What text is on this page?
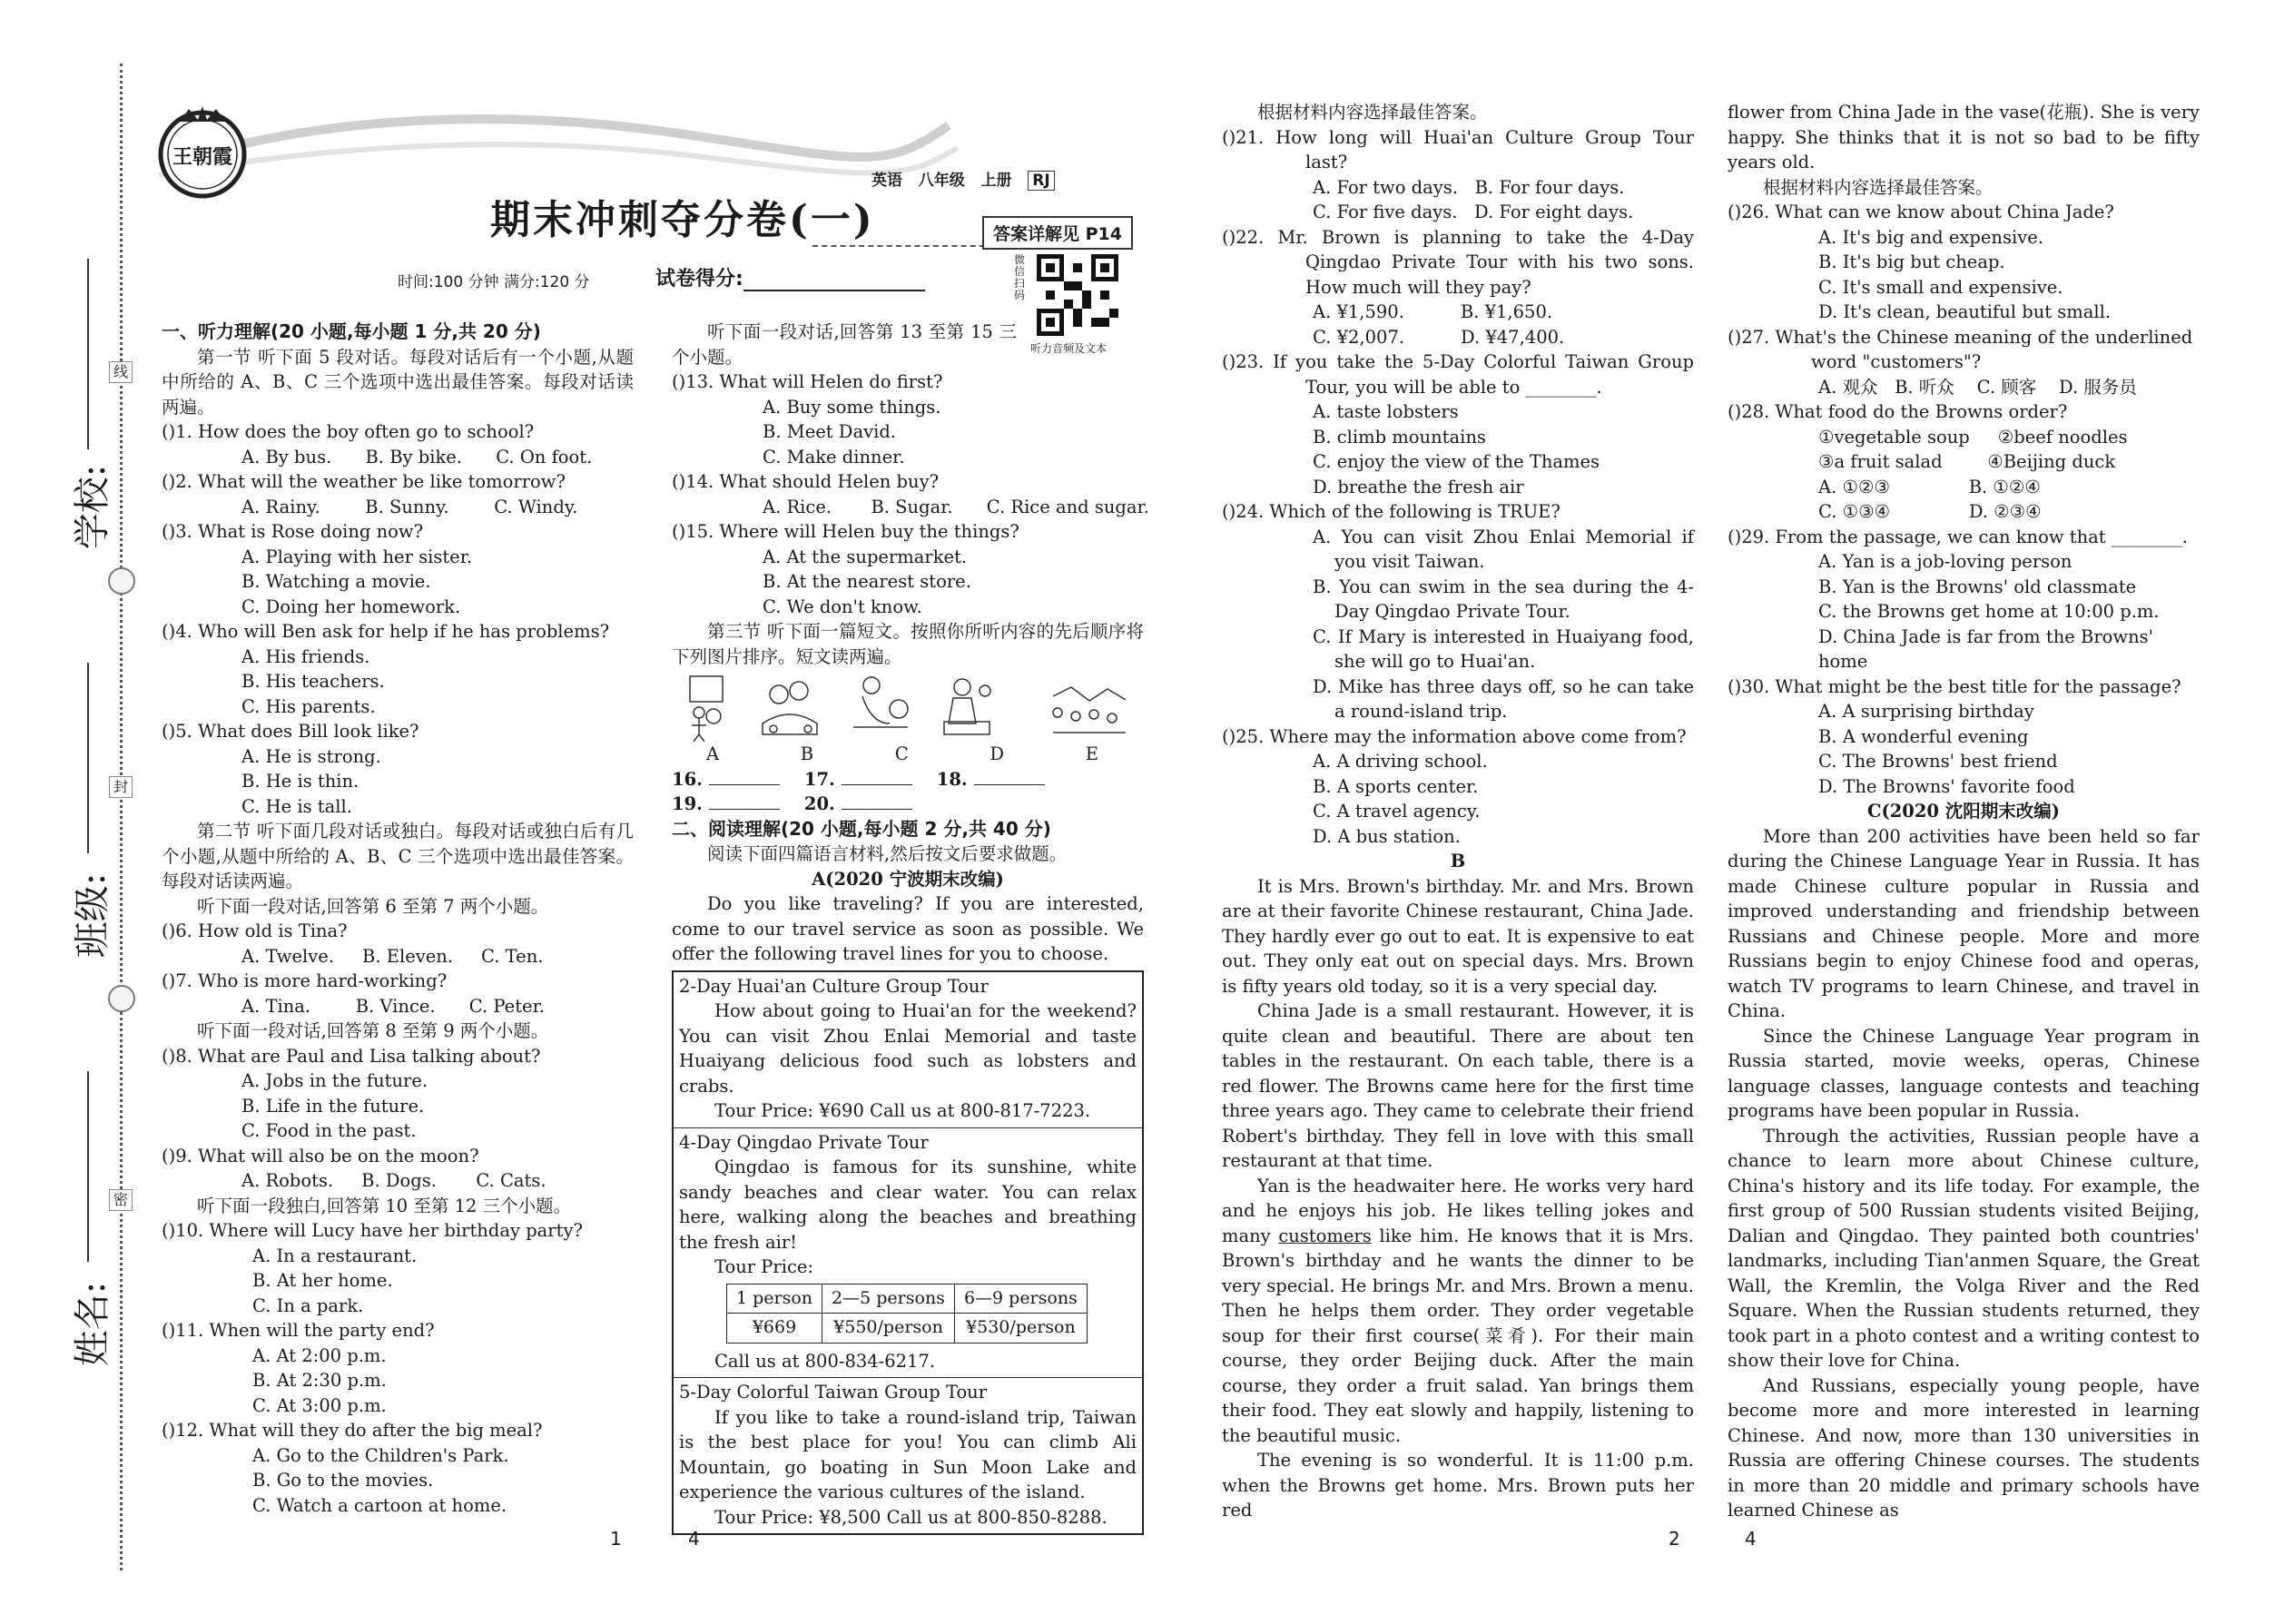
线
封
密
学校:
班级:
姓名:
王朝霞
英语 八年级 上册 RJ
期末冲刺夺分卷(一)	答案详解见 P14
时间:100 分钟 满分:120 分	试卷得分:
微信扫码
听力音频及文本

一、听力理解(20 小题,每小题 1 分,共 20 分)

第一节 听下面 5 段对话。每段对话后有一个小题,从题中所给的 A、B、C 三个选项中选出最佳答案。每段对话读两遍。

()1. How does the boy often go to school?

A. By bus.      B. By bike.      C. On foot.

()2. What will the weather be like tomorrow?

A. Rainy.        B. Sunny.        C. Windy.

()3. What is Rose doing now?

A. Playing with her sister.

B. Watching a movie.

C. Doing her homework.

()4. Who will Ben ask for help if he has problems?

A. His friends.

B. His teachers.

C. His parents.

()5. What does Bill look like?

A. He is strong.

B. He is thin.

C. He is tall.

第二节 听下面几段对话或独白。每段对话或独白后有几个小题,从题中所给的 A、B、C 三个选项中选出最佳答案。每段对话读两遍。

听下面一段对话,回答第 6 至第 7 两个小题。

()6. How old is Tina?

A. Twelve.     B. Eleven.     C. Ten.

()7. Who is more hard-working?

A. Tina.        B. Vince.      C. Peter.

听下面一段对话,回答第 8 至第 9 两个小题。

()8. What are Paul and Lisa talking about?

A. Jobs in the future.

B. Life in the future.

C. Food in the past.

()9. What will also be on the moon?

A. Robots.     B. Dogs.       C. Cats.

听下面一段独白,回答第 10 至第 12 三个小题。

()10. Where will Lucy have her birthday party?

A. In a restaurant.

B. At her home.

C. In a park.

()11. When will the party end?

A. At 2:00 p.m.

B. At 2:30 p.m.

C. At 3:00 p.m.

()12. What will they do after the big meal?

A. Go to the Children's Park.

B. Go to the movies.

C. Watch a cartoon at home.

听下面一段对话,回答第 13 至第 15 三个小题。

()13. What will Helen do first?

A. Buy some things.

B. Meet David.

C. Make dinner.

()14. What should Helen buy?

A. Rice.       B. Sugar.      C. Rice and sugar.

()15. Where will Helen buy the things?

A. At the supermarket.

B. At the nearest store.

C. We don't know.

第三节 听下面一篇短文。按照你所听内容的先后顺序将下列图片排序。短文读两遍。

A	B	C	D	E

16.	17.	18.

19.	20.

二、阅读理解(20 小题,每小题 2 分,共 40 分)

阅读下面四篇语言材料,然后按文后要求做题。

A(2020 宁波期末改编)

Do you like traveling? If you are interested, come to our travel service as soon as possible. We offer the following travel lines for you to choose.

2-Day Huai'an Culture Group Tour

How about going to Huai'an for the weekend? You can visit Zhou Enlai Memorial and taste Huaiyang delicious food such as lobsters and crabs.

Tour Price: ¥690 Call us at 800-817-7223.

4-Day Qingdao Private Tour

Qingdao is famous for its sunshine, white sandy beaches and clear water. You can relax here, walking along the beaches and breathing the fresh air!

Tour Price:

1 person	2—5 persons	6—9 persons
¥669	¥550/person	¥530/person

Call us at 800-834-6217.

5-Day Colorful Taiwan Group Tour

If you like to take a round-island trip, Taiwan is the best place for you! You can climb Ali Mountain, go boating in Sun Moon Lake and experience the various cultures of the island.

Tour Price: ¥8,500 Call us at 800-850-8288.

1	4

根据材料内容选择最佳答案。

()21. How long will Huai'an Culture Group Tour last?

A. For two days.   B. For four days.

C. For five days.   D. For eight days.

()22. Mr. Brown is planning to take the 4-Day Qingdao Private Tour with his two sons. How much will they pay?

A. ¥1,590.          B. ¥1,650.

C. ¥2,007.          D. ¥47,400.

()23. If you take the 5-Day Colorful Taiwan Group Tour, you will be able to ________.

A. taste lobsters

B. climb mountains

C. enjoy the view of the Thames

D. breathe the fresh air

()24. Which of the following is TRUE?

A. You can visit Zhou Enlai Memorial if you visit Taiwan.

B. You can swim in the sea during the 4-Day Qingdao Private Tour.

C. If Mary is interested in Huaiyang food, she will go to Huai'an.

D. Mike has three days off, so he can take a round-island trip.

()25. Where may the information above come from?

A. A driving school.

B. A sports center.

C. A travel agency.

D. A bus station.

B

It is Mrs. Brown's birthday. Mr. and Mrs. Brown are at their favorite Chinese restaurant, China Jade. They hardly ever go out to eat. It is expensive to eat out. They only eat out on special days. Mrs. Brown is fifty years old today, so it is a very special day.

China Jade is a small restaurant. However, it is quite clean and beautiful. There are about ten tables in the restaurant. On each table, there is a red flower. The Browns came here for the first time three years ago. They came to celebrate their friend Robert's birthday. They fell in love with this small restaurant at that time.

Yan is the headwaiter here. He works very hard and he enjoys his job. He likes telling jokes and many customers like him. He knows that it is Mrs. Brown's birthday and he wants the dinner to be very special. He brings Mr. and Mrs. Brown a menu. Then he helps them order. They order vegetable soup for their first course(菜肴). For their main course, they order Beijing duck. After the main course, they order a fruit salad. Yan brings them their food. They eat slowly and happily, listening to the beautiful music.

The evening is so wonderful. It is 11:00 p.m. when the Browns get home. Mrs. Brown puts her red

flower from China Jade in the vase(花瓶). She is very happy. She thinks that it is not so bad to be fifty years old.

根据材料内容选择最佳答案。

()26. What can we know about China Jade?

A. It's big and expensive.

B. It's big but cheap.

C. It's small and expensive.

D. It's clean, beautiful but small.

()27. What's the Chinese meaning of the underlined word "customers"?

A. 观众   B. 听众    C. 顾客    D. 服务员

()28. What food do the Browns order?

①vegetable soup     ②beef noodles

③a fruit salad        ④Beijing duck

A. ①②③              B. ①②④

C. ①③④              D. ②③④

()29. From the passage, we can know that ________.

A. Yan is a job-loving person

B. Yan is the Browns' old classmate

C. the Browns get home at 10:00 p.m.

D. China Jade is far from the Browns' home

()30. What might be the best title for the passage?

A. A surprising birthday

B. A wonderful evening

C. The Browns' best friend

D. The Browns' favorite food

C(2020 沈阳期末改编)

More than 200 activities have been held so far during the Chinese Language Year in Russia. It has made Chinese culture popular in Russia and improved understanding and friendship between Russians and Chinese people. More and more Russians begin to enjoy Chinese food and operas, watch TV programs to learn Chinese, and travel in China.

Since the Chinese Language Year program in Russia started, movie weeks, operas, Chinese language classes, language contests and teaching programs have been popular in Russia.

Through the activities, Russian people have a chance to learn more about Chinese culture, China's history and its life today. For example, the first group of 500 Russian students visited Beijing, Dalian and Qingdao. They painted both countries' landmarks, including Tian'anmen Square, the Great Wall, the Kremlin, the Volga River and the Red Square. When the Russian students returned, they took part in a photo contest and a writing contest to show their love for China.

And Russians, especially young people, have become more and more interested in learning Chinese. And now, more than 130 universities in Russia are offering Chinese courses. The students in more than 20 middle and primary schools have learned Chinese as

2	4
